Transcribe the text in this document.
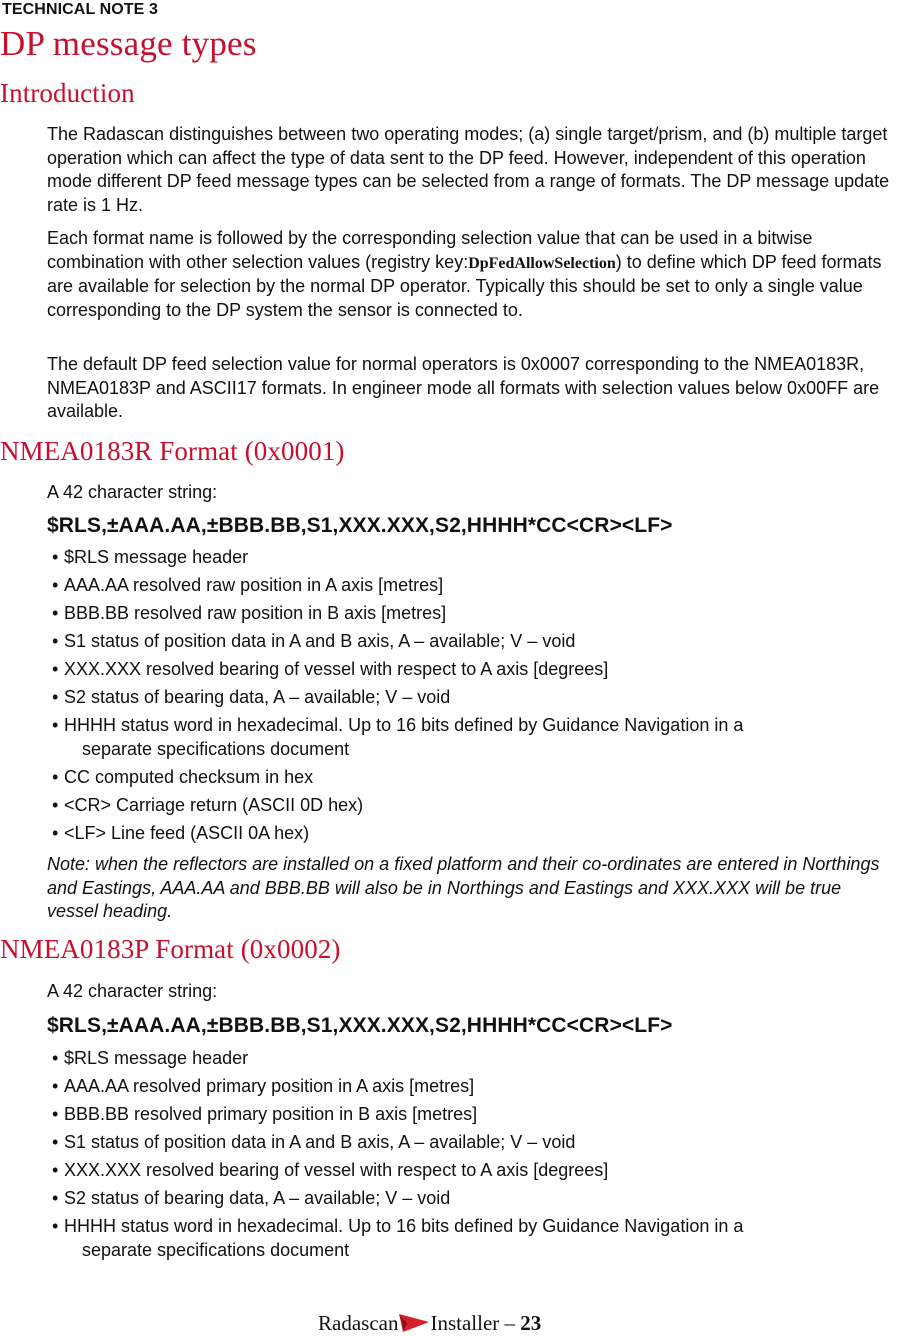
TECHNICAL NOTE 3
DP message types
Introduction

The Radascan distinguishes between two operating modes; (a) single target/prism, and (b) multiple target operation which can affect the type of data sent to the DP feed. However, independent of this operation mode different DP feed message types can be selected from a range of formats. The DP message update rate is 1 Hz.

Each format name is followed by the corresponding selection value that can be used in a bitwise combination with other selection values (registry key:DpFedAllowSelection) to define which DP feed formats are available for selection by the normal DP operator. Typically this should be set to only a single value corresponding to the DP system the sensor is connected to.

The default DP feed selection value for normal operators is 0x0007 corresponding to the NMEA0183R, NMEA0183P and ASCII17 formats. In engineer mode all formats with selection values below 0x00FF are available.

NMEA0183R Format (0x0001)

A 42 character string:

$RLS,±AAA.AA,±BBB.BB,S1,XXX.XXX,S2,HHHH*CC<CR><LF>
• $RLS message header
• AAA.AA resolved raw position in A axis [metres]
• BBB.BB resolved raw position in B axis [metres]
• S1 status of position data in A and B axis, A – available; V – void
• XXX.XXX resolved bearing of vessel with respect to A axis [degrees]
• S2 status of bearing data, A – available; V – void
• HHHH status word in hexadecimal. Up to 16 bits defined by Guidance Navigation in a
separate specifications document
• CC computed checksum in hex
• <CR> Carriage return (ASCII 0D hex)
• <LF> Line feed (ASCII 0A hex)

Note: when the reflectors are installed on a fixed platform and their co-ordinates are entered in Northings and Eastings, AAA.AA and BBB.BB will also be in Northings and Eastings and XXX.XXX will be true vessel heading.

NMEA0183P Format (0x0002)

A 42 character string:

$RLS,±AAA.AA,±BBB.BB,S1,XXX.XXX,S2,HHHH*CC<CR><LF>
• $RLS message header
• AAA.AA resolved primary position in A axis [metres]
• BBB.BB resolved primary position in B axis [metres]
• S1 status of position data in A and B axis, A – available; V – void
• XXX.XXX resolved bearing of vessel with respect to A axis [degrees]
• S2 status of bearing data, A – available; V – void
• HHHH status word in hexadecimal. Up to 16 bits defined by Guidance Navigation in a
separate specifications document
Radascan Installer – 23
